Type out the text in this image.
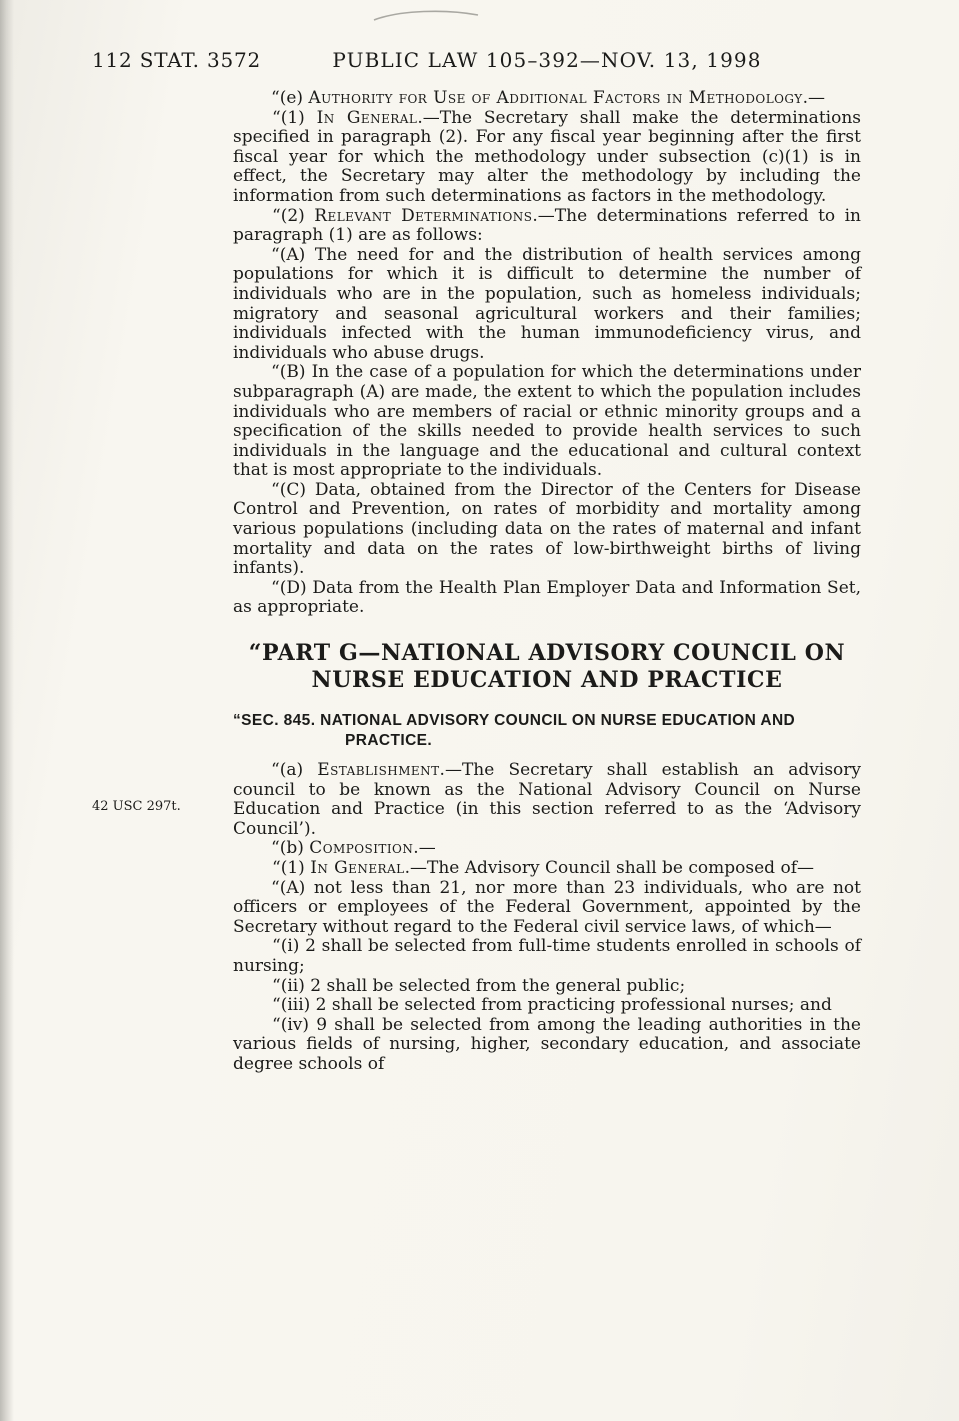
112 STAT. 3572	PUBLIC LAW 105–392—NOV. 13, 1998
42 USC 297t.

“(e) Authority for Use of Additional Factors in Methodology.—

“(1) In General.—The Secretary shall make the determinations specified in paragraph (2). For any fiscal year beginning after the first fiscal year for which the methodology under subsection (c)(1) is in effect, the Secretary may alter the methodology by including the information from such determinations as factors in the methodology.

“(2) Relevant Determinations.—The determinations referred to in paragraph (1) are as follows:

“(A) The need for and the distribution of health services among populations for which it is difficult to determine the number of individuals who are in the population, such as homeless individuals; migratory and seasonal agricultural workers and their families; individuals infected with the human immunodeficiency virus, and individuals who abuse drugs.

“(B) In the case of a population for which the determinations under subparagraph (A) are made, the extent to which the population includes individuals who are members of racial or ethnic minority groups and a specification of the skills needed to provide health services to such individuals in the language and the educational and cultural context that is most appropriate to the individuals.

“(C) Data, obtained from the Director of the Centers for Disease Control and Prevention, on rates of morbidity and mortality among various populations (including data on the rates of maternal and infant mortality and data on the rates of low-birthweight births of living infants).

“(D) Data from the Health Plan Employer Data and Information Set, as appropriate.

“PART G—NATIONAL ADVISORY COUNCIL ON
NURSE EDUCATION AND PRACTICE
“SEC. 845. NATIONAL ADVISORY COUNCIL ON NURSE EDUCATION AND
PRACTICE.

“(a) Establishment.—The Secretary shall establish an advisory council to be known as the National Advisory Council on Nurse Education and Practice (in this section referred to as the ‘Advisory Council’).

“(b) Composition.—

“(1) In General.—The Advisory Council shall be composed of—

“(A) not less than 21, nor more than 23 individuals, who are not officers or employees of the Federal Government, appointed by the Secretary without regard to the Federal civil service laws, of which—

“(i) 2 shall be selected from full-time students enrolled in schools of nursing;

“(ii) 2 shall be selected from the general public;

“(iii) 2 shall be selected from practicing professional nurses; and

“(iv) 9 shall be selected from among the leading authorities in the various fields of nursing, higher, secondary education, and associate degree schools of
